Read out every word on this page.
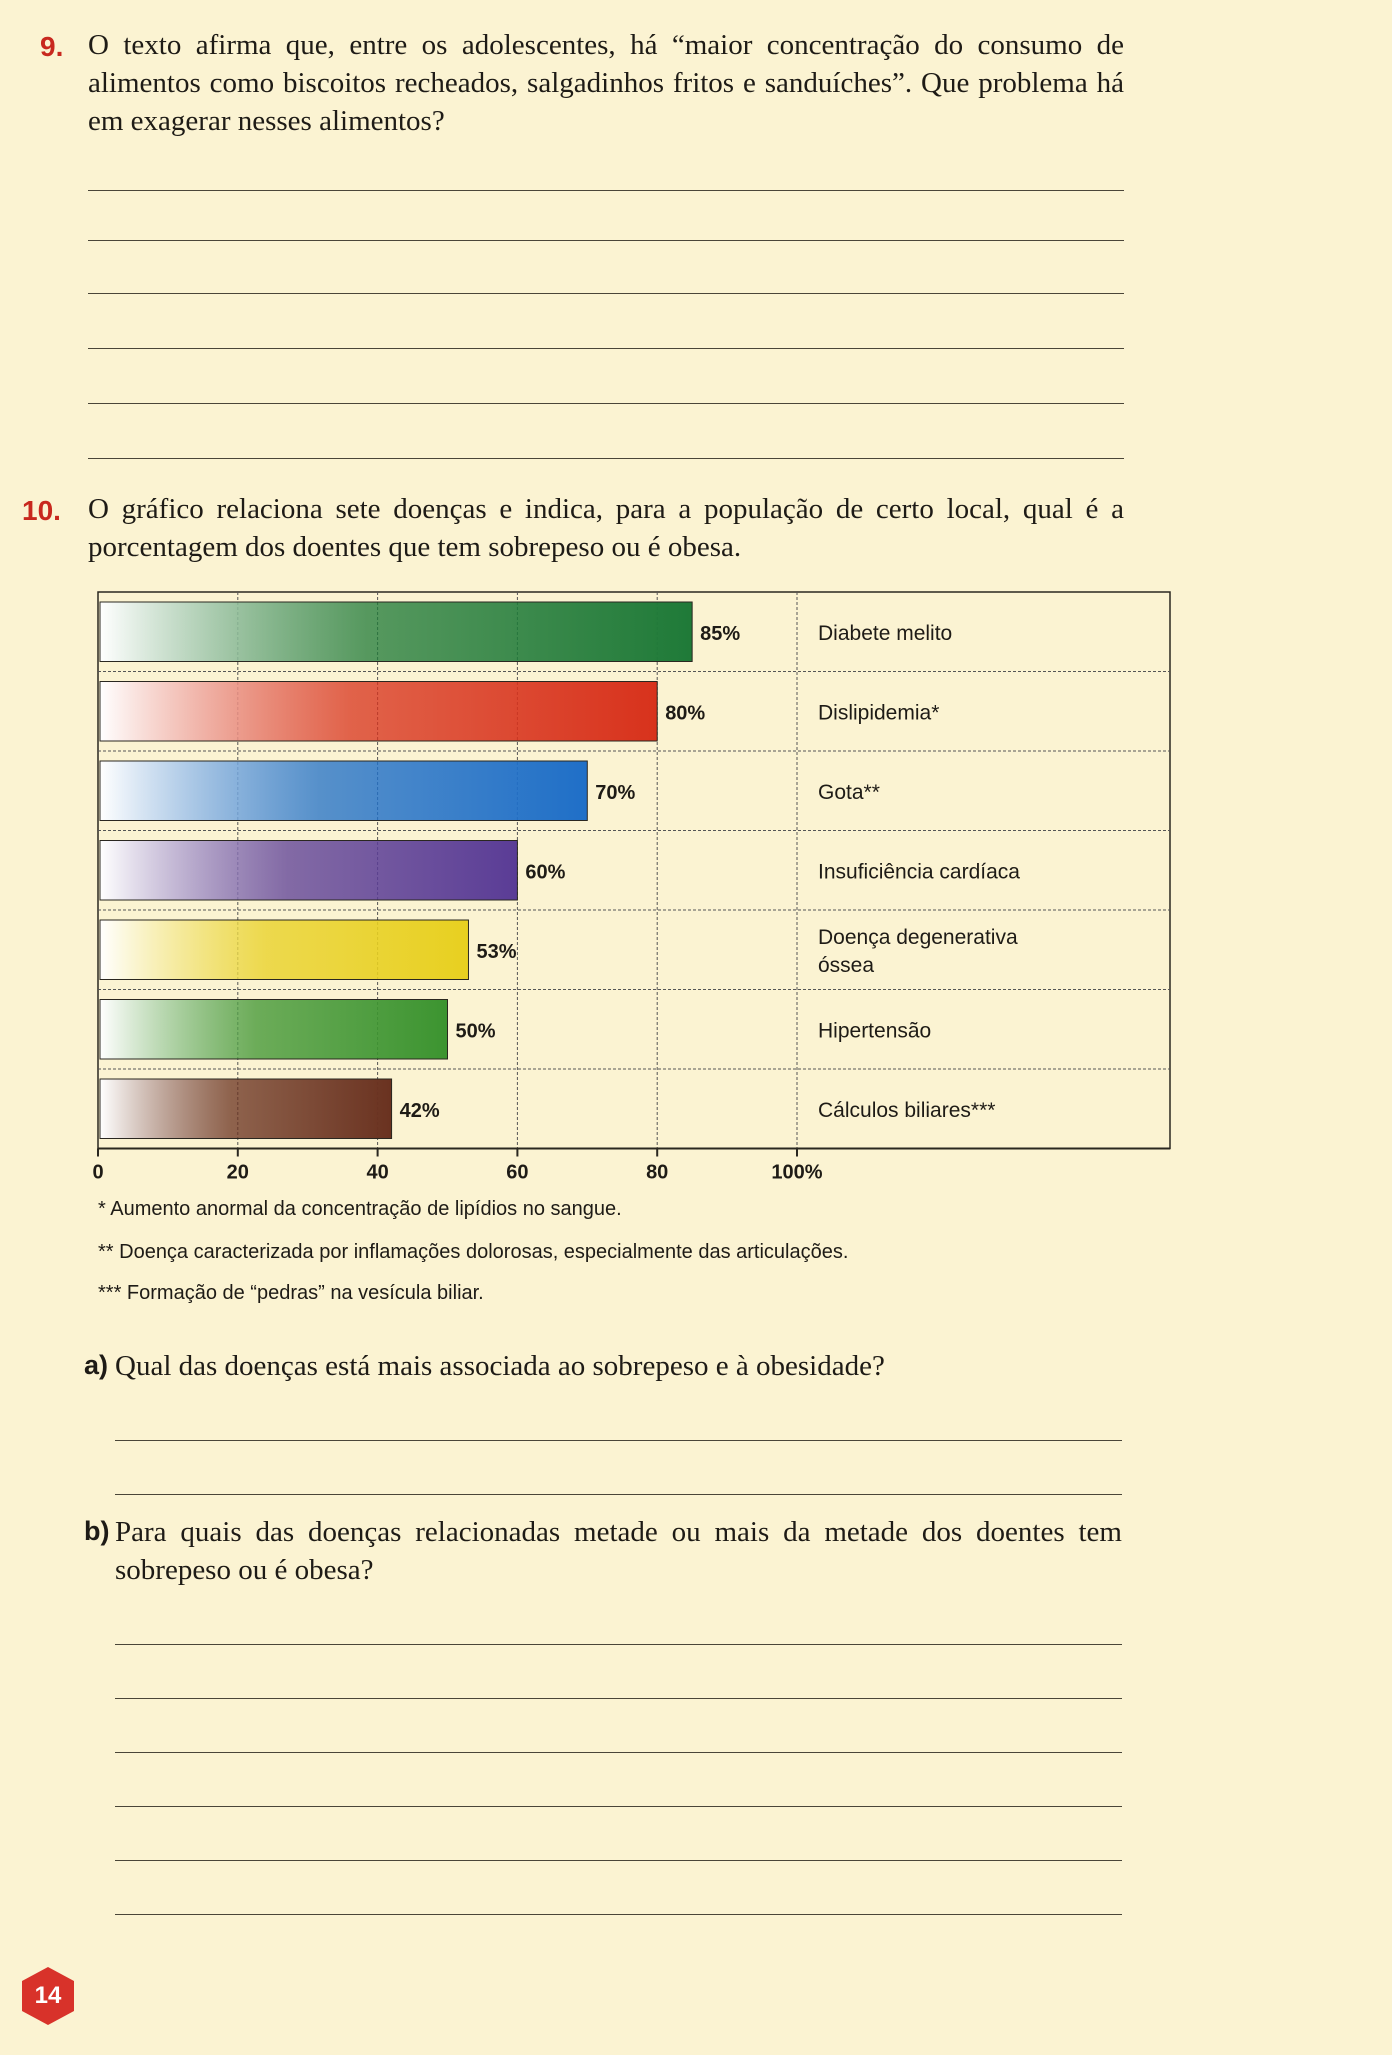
9. O texto afirma que, entre os adolescentes, há “maior concentração do consumo de alimentos como biscoitos recheados, salgadinhos fritos e sanduíches”. Que problema há em exagerar nesses alimentos?
10. O gráfico relaciona sete doenças e indica, para a população de certo local, qual é a porcentagem dos doentes que tem sobrepeso ou é obesa.
85%
80%
70%
60%
53%
50%
42%
Diabete melito
Dislipidemia*
Gota**
Insuficiência cardíaca
Doença degenerativa óssea
Hipertensão
Cálculos biliares***
0	20	40	60	80	100%
* Aumento anormal da concentração de lipídios no sangue.
** Doença caracterizada por inflamações dolorosas, especialmente das articulações.
*** Formação de “pedras” na vesícula biliar.
a) Qual das doenças está mais associada ao sobrepeso e à obesidade?
b) Para quais das doenças relacionadas metade ou mais da metade dos doentes tem sobrepeso ou é obesa?
14
